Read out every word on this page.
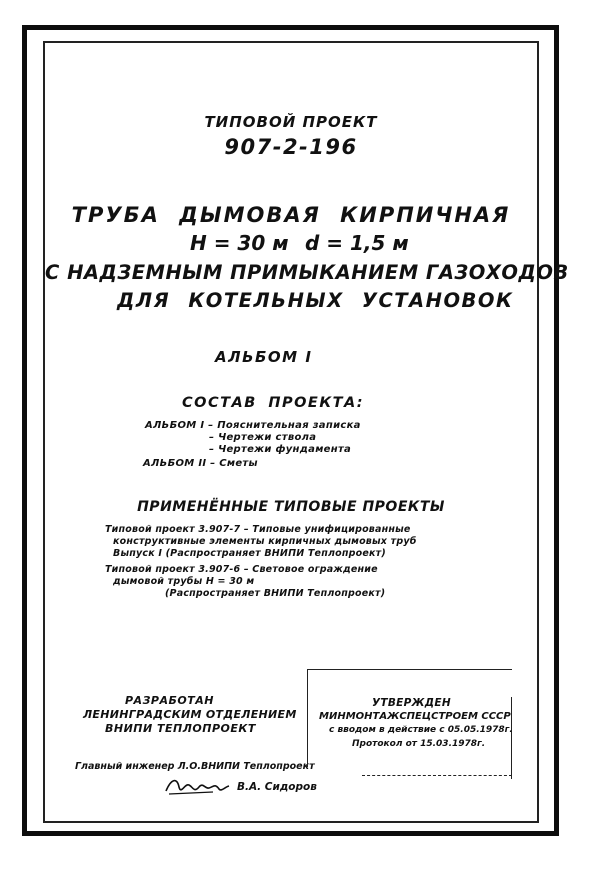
ТИПОВОЙ ПРОЕКТ
907-2-196
ТРУБА ДЫМОВАЯ КИРПИЧНАЯ
Н = 30 м d = 1,5 м
С НАДЗЕМНЫМ ПРИМЫКАНИЕМ ГАЗОХОДОВ
ДЛЯ КОТЕЛЬНЫХ УСТАНОВОК
АЛЬБОМ I
СОСТАВ ПРОЕКТА:
АЛЬБОМ I – Пояснительная записка
– Чертежи ствола
– Чертежи фундамента
АЛЬБОМ II – Сметы
ПРИМЕНЁННЫЕ ТИПОВЫЕ ПРОЕКТЫ
Типовой проект 3.907-7 – Типовые унифицированные
конструктивные элементы кирпичных дымовых труб
Выпуск I (Распространяет ВНИПИ Теплопроект)
Типовой проект 3.907-6 – Световое ограждение
дымовой трубы Н = 30 м
(Распространяет ВНИПИ Теплопроект)
РАЗРАБОТАН
ЛЕНИНГРАДСКИМ ОТДЕЛЕНИЕМ
ВНИПИ ТЕПЛОПРОЕКТ
Главный инженер Л.О.ВНИПИ Теплопроект
В.А. Сидоров
УТВЕРЖДЕН
МИНМОНТАЖСПЕЦСТРОЕМ СССР
с вводом в действие с 05.05.1978г.
Протокол от 15.03.1978г.
